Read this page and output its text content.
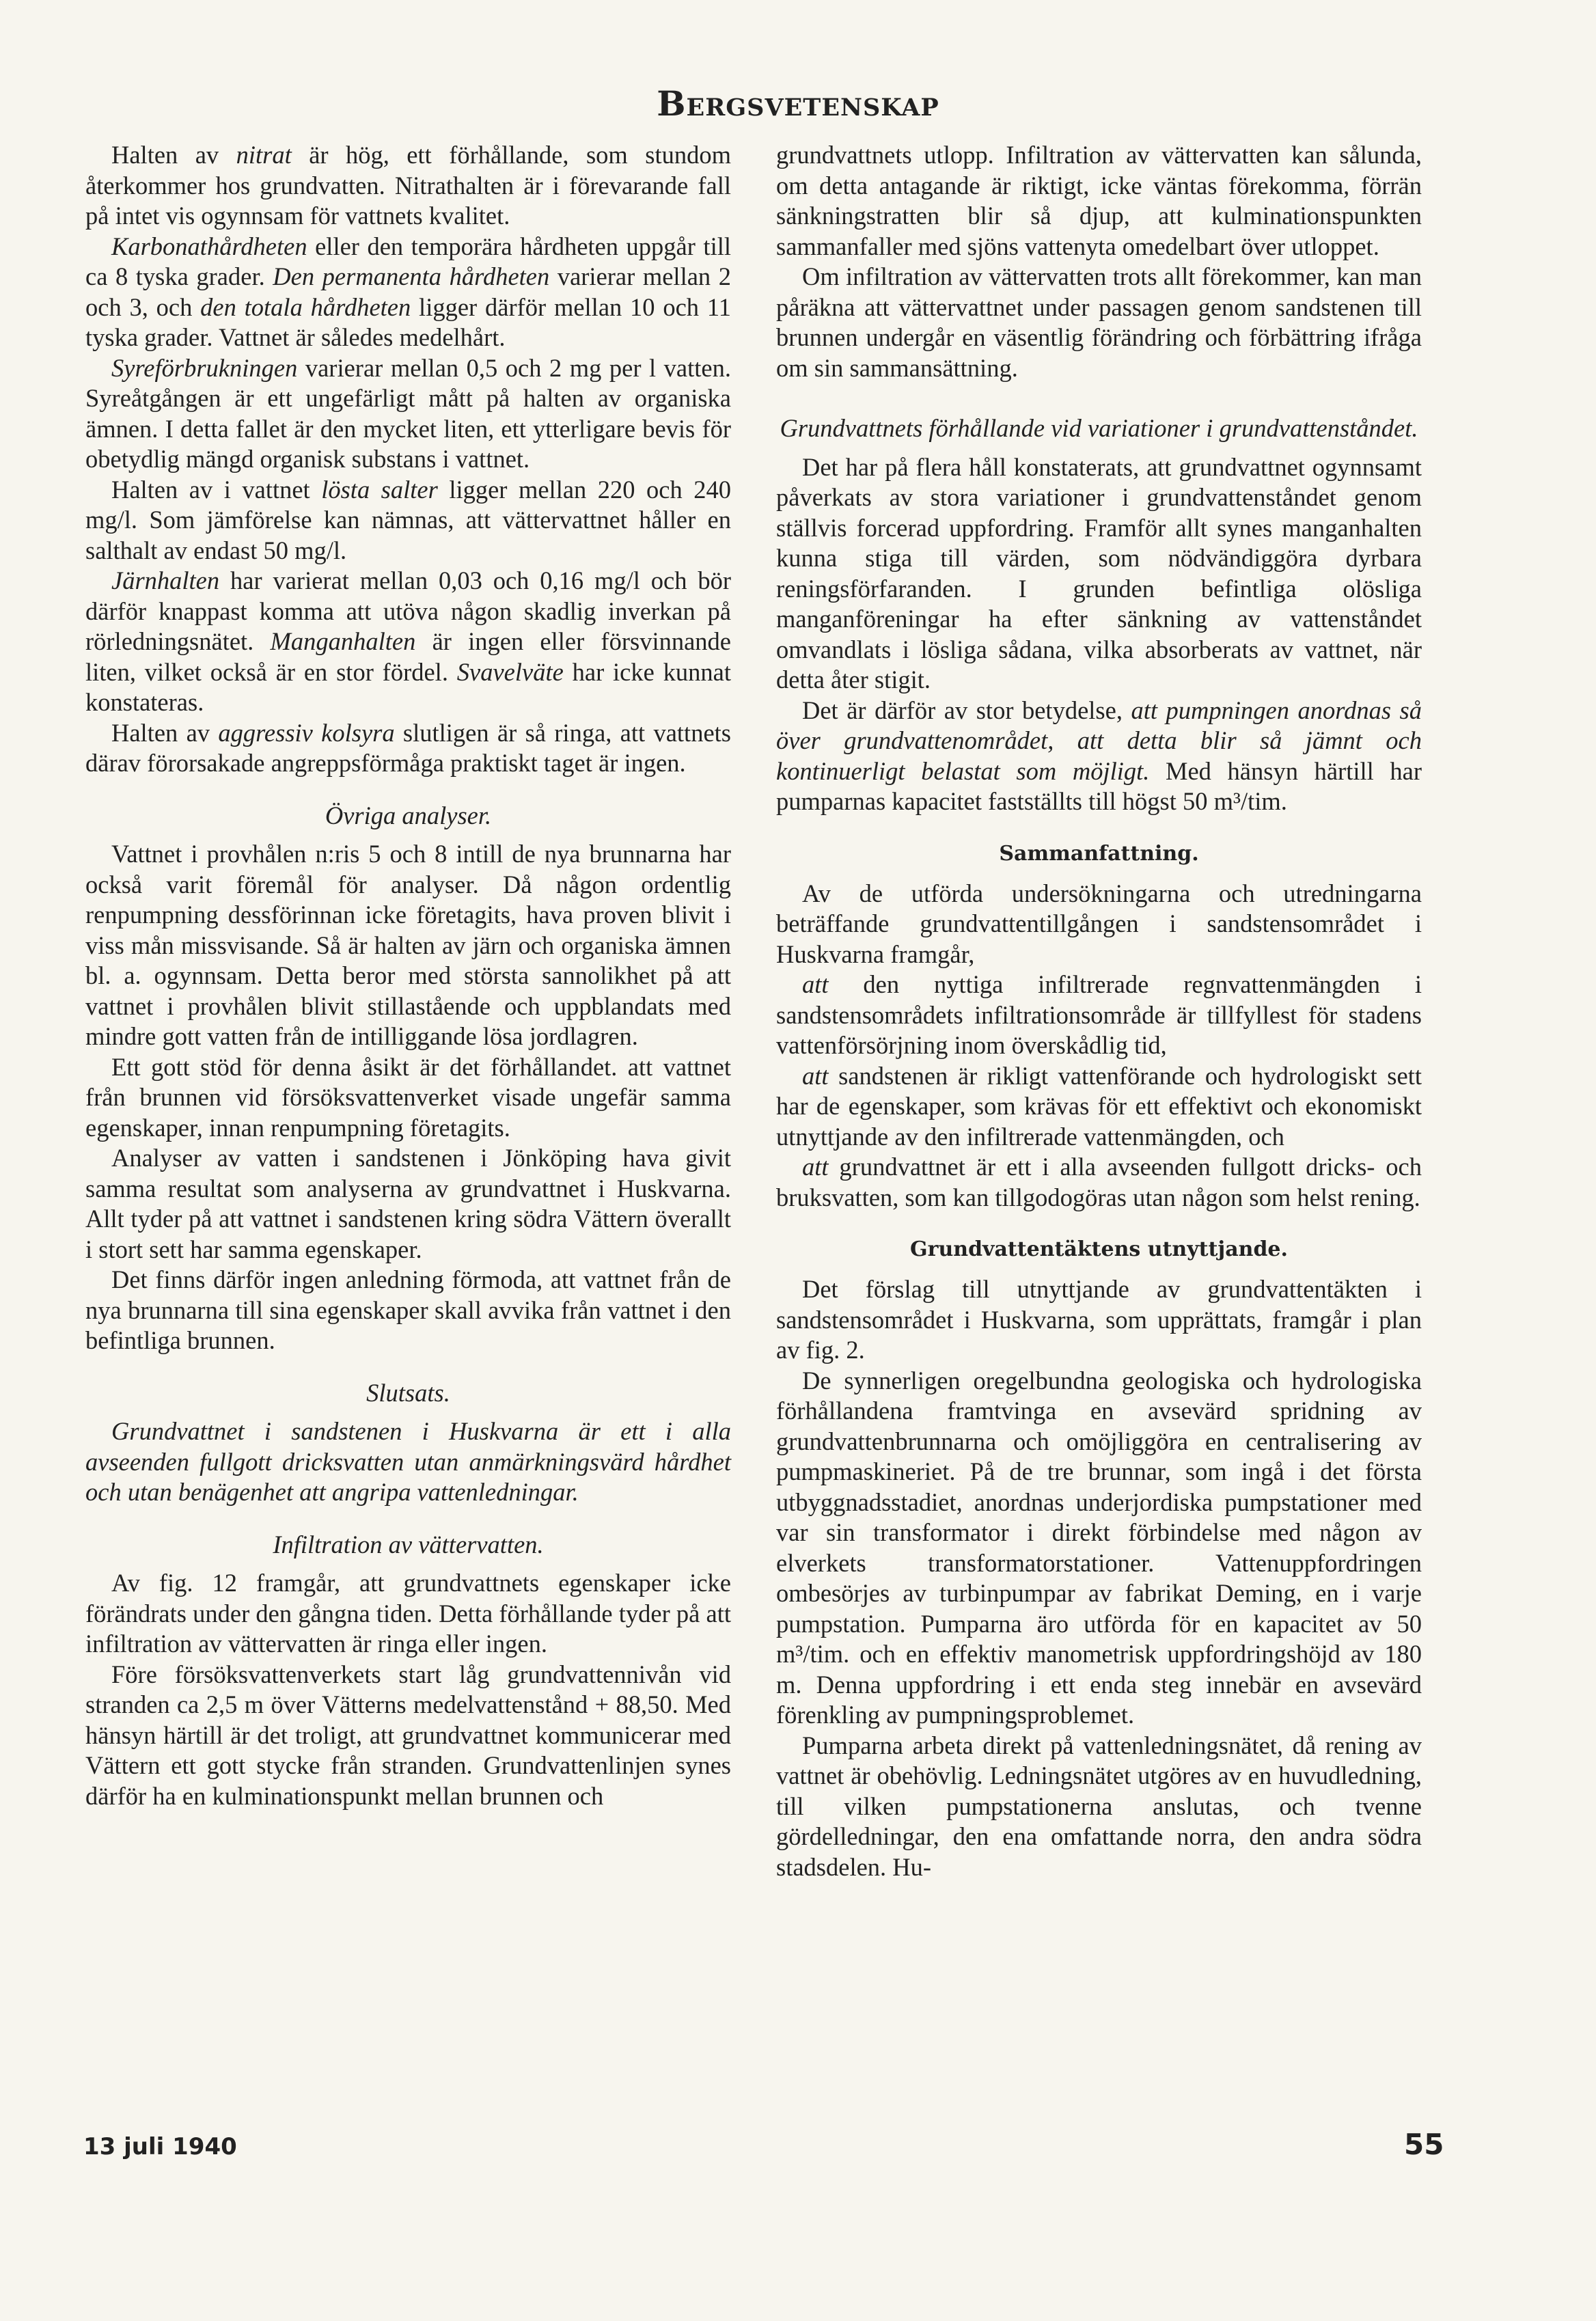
Bergsvetenskap

Halten av nitrat är hög, ett förhållande, som stundom återkommer hos grundvatten. Nitrathalten är i förevarande fall på intet vis ogynnsam för vattnets kvalitet.

Karbonathårdheten eller den temporära hårdheten uppgår till ca 8 tyska grader. Den permanenta hårdheten varierar mellan 2 och 3, och den totala hårdheten ligger därför mellan 10 och 11 tyska grader. Vattnet är således medelhårt.

Syreförbrukningen varierar mellan 0,5 och 2 mg per l vatten. Syreåtgången är ett ungefärligt mått på halten av organiska ämnen. I detta fallet är den mycket liten, ett ytterligare bevis för obetydlig mängd organisk substans i vattnet.

Halten av i vattnet lösta salter ligger mellan 220 och 240 mg/l. Som jämförelse kan nämnas, att vättervattnet håller en salthalt av endast 50 mg/l.

Järnhalten har varierat mellan 0,03 och 0,16 mg/l och bör därför knappast komma att utöva någon skadlig inverkan på rörledningsnätet. Manganhalten är ingen eller försvinnande liten, vilket också är en stor fördel. Svavelväte har icke kunnat konstateras.

Halten av aggressiv kolsyra slutligen är så ringa, att vattnets därav förorsakade angreppsförmåga praktiskt taget är ingen.

Övriga analyser.

Vattnet i provhålen n:ris 5 och 8 intill de nya brunnarna har också varit föremål för analyser. Då någon ordentlig renpumpning dessförinnan icke företagits, hava proven blivit i viss mån missvisande. Så är halten av järn och organiska ämnen bl. a. ogynnsam. Detta beror med största sannolikhet på att vattnet i provhålen blivit stillastående och uppblandats med mindre gott vatten från de intilliggande lösa jordlagren.

Ett gott stöd för denna åsikt är det förhållandet. att vattnet från brunnen vid försöksvattenverket visade ungefär samma egenskaper, innan renpumpning företagits.

Analyser av vatten i sandstenen i Jönköping hava givit samma resultat som analyserna av grundvattnet i Huskvarna. Allt tyder på att vattnet i sandstenen kring södra Vättern överallt i stort sett har samma egenskaper.

Det finns därför ingen anledning förmoda, att vattnet från de nya brunnarna till sina egenskaper skall avvika från vattnet i den befintliga brunnen.

Slutsats.

Grundvattnet i sandstenen i Huskvarna är ett i alla avseenden fullgott dricksvatten utan anmärkningsvärd hårdhet och utan benägenhet att angripa vattenledningar.

Infiltration av vättervatten.

Av fig. 12 framgår, att grundvattnets egenskaper icke förändrats under den gångna tiden. Detta förhållande tyder på att infiltration av vättervatten är ringa eller ingen.

Före försöksvattenverkets start låg grundvattennivån vid stranden ca 2,5 m över Vätterns medelvattenstånd + 88,50. Med hänsyn härtill är det troligt, att grundvattnet kommunicerar med Vättern ett gott stycke från stranden. Grundvattenlinjen synes därför ha en kulminationspunkt mellan brunnen och

grundvattnets utlopp. Infiltration av vättervatten kan sålunda, om detta antagande är riktigt, icke väntas förekomma, förrän sänkningstratten blir så djup, att kulminationspunkten sammanfaller med sjöns vattenyta omedelbart över utloppet.

Om infiltration av vättervatten trots allt förekommer, kan man påräkna att vättervattnet under passagen genom sandstenen till brunnen undergår en väsentlig förändring och förbättring ifråga om sin sammansättning.

Grundvattnets förhållande vid variationer i grundvattenståndet.

Det har på flera håll konstaterats, att grundvattnet ogynnsamt påverkats av stora variationer i grundvattenståndet genom ställvis forcerad uppfordring. Framför allt synes manganhalten kunna stiga till värden, som nödvändiggöra dyrbara reningsförfaranden. I grunden befintliga olösliga manganföreningar ha efter sänkning av vattenståndet omvandlats i lösliga sådana, vilka absorberats av vattnet, när detta åter stigit.

Det är därför av stor betydelse, att pumpningen anordnas så över grundvattenområdet, att detta blir så jämnt och kontinuerligt belastat som möjligt. Med hänsyn härtill har pumparnas kapacitet fastställts till högst 50 m³/tim.

Sammanfattning.

Av de utförda undersökningarna och utredningarna beträffande grundvattentillgången i sandstensområdet i Huskvarna framgår,

att den nyttiga infiltrerade regnvattenmängden i sandstensområdets infiltrationsområde är tillfyllest för stadens vattenförsörjning inom överskådlig tid,

att sandstenen är rikligt vattenförande och hydrologiskt sett har de egenskaper, som krävas för ett effektivt och ekonomiskt utnyttjande av den infiltrerade vattenmängden, och

att grundvattnet är ett i alla avseenden fullgott dricks- och bruksvatten, som kan tillgodogöras utan någon som helst rening.

Grundvattentäktens utnyttjande.

Det förslag till utnyttjande av grundvattentäkten i sandstensområdet i Huskvarna, som upprättats, framgår i plan av fig. 2.

De synnerligen oregelbundna geologiska och hydrologiska förhållandena framtvinga en avsevärd spridning av grundvattenbrunnarna och omöjliggöra en centralisering av pumpmaskineriet. På de tre brunnar, som ingå i det första utbyggnadsstadiet, anordnas underjordiska pumpstationer med var sin transformator i direkt förbindelse med någon av elverkets transformatorstationer. Vattenuppfordringen ombesörjes av turbinpumpar av fabrikat Deming, en i varje pumpstation. Pumparna äro utförda för en kapacitet av 50 m³/tim. och en effektiv manometrisk uppfordringshöjd av 180 m. Denna uppfordring i ett enda steg innebär en avsevärd förenkling av pumpningsproblemet.

Pumparna arbeta direkt på vattenledningsnätet, då rening av vattnet är obehövlig. Ledningsnätet utgöres av en huvudledning, till vilken pumpstationerna anslutas, och tvenne gördelledningar, den ena omfattande norra, den andra södra stadsdelen. Hu-

13 juli 1940	55
